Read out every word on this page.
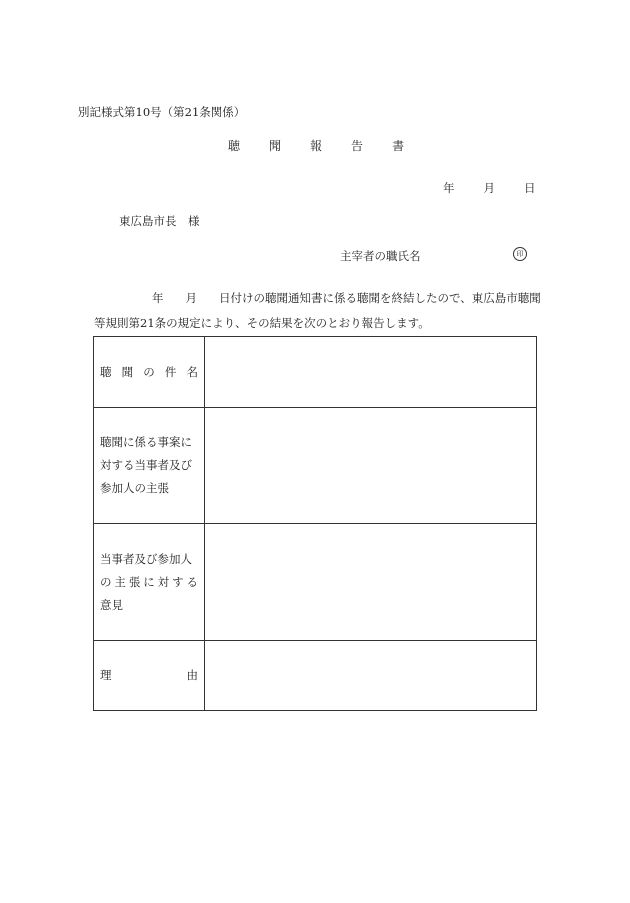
別記様式第10号（第21条関係）
聴 聞 報 告 書
年	月	日
東広島市長　様
主宰者の職氏名	印
年 月 日付けの聴聞通知書に係る聴聞を終結したので、東広島市聴聞
等規則第21条の規定により、その結果を次のとおり報告します。
聴 聞 の 件 名	

聴聞に係る事案に
対する当事者及び
参加人の主張	

当事者及び参加人
の主張に対する
意見	

理　　　　　由	
